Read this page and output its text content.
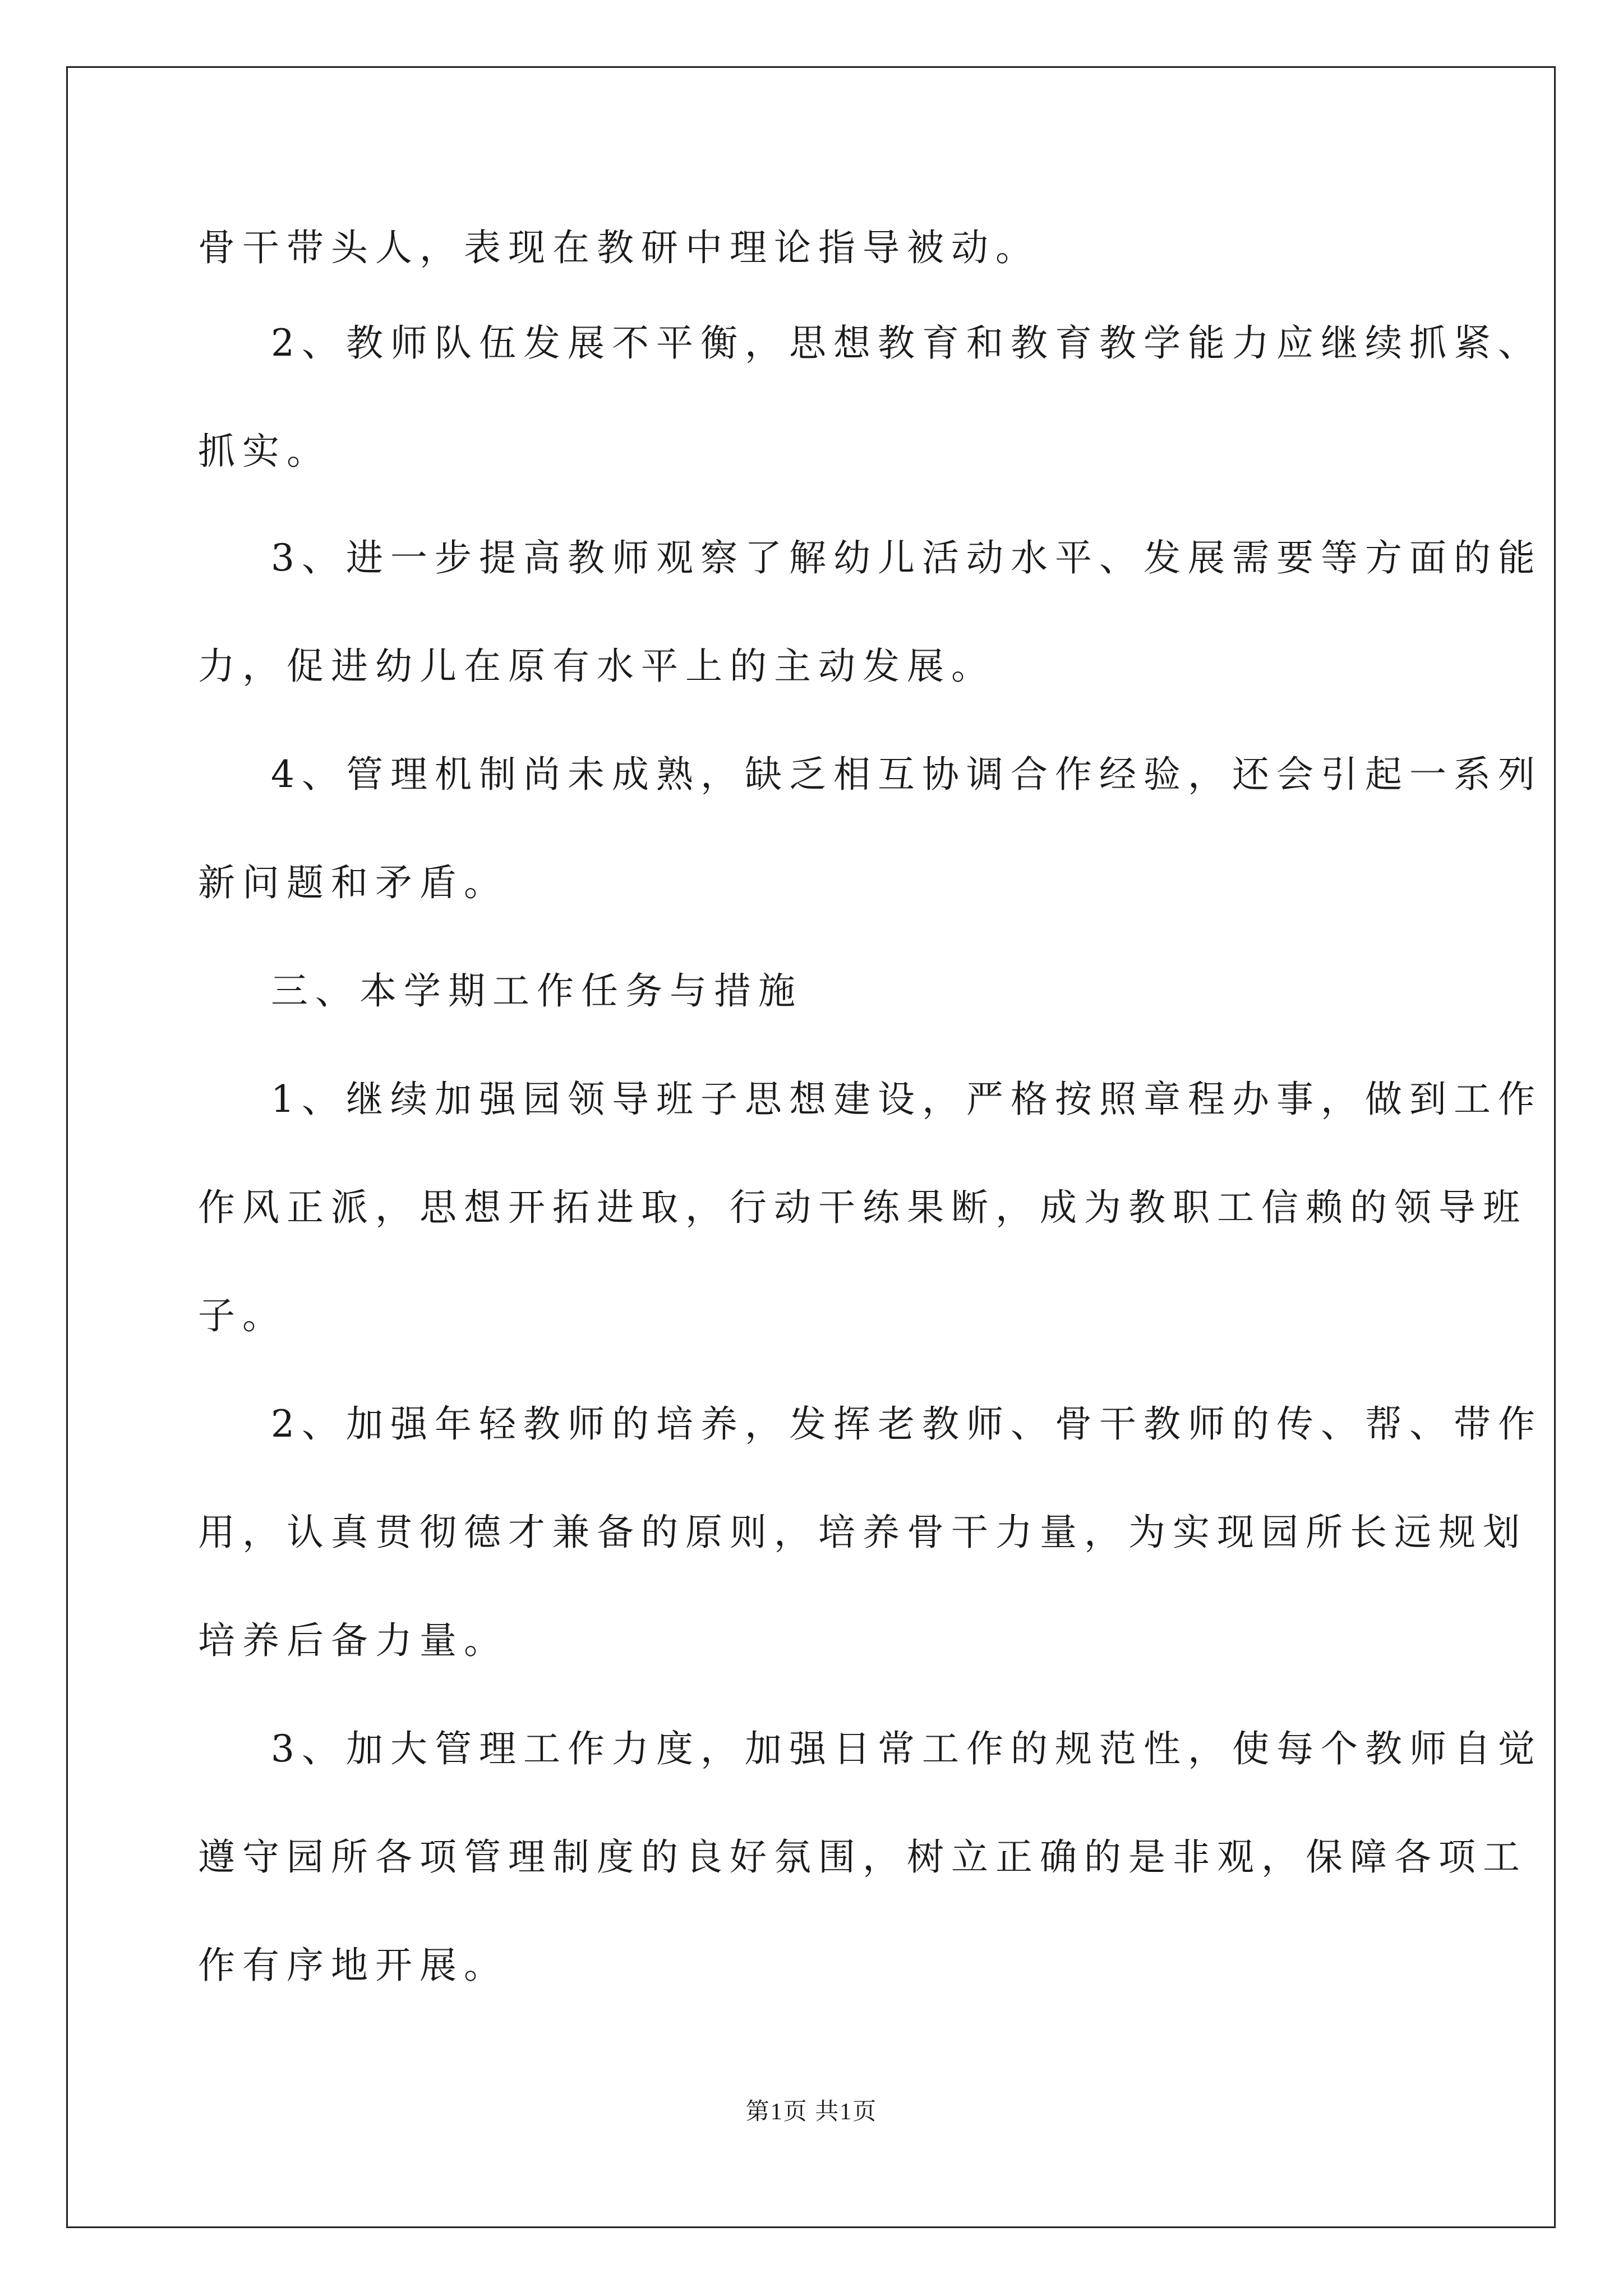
骨干带头人，表现在教研中理论指导被动。
2、教师队伍发展不平衡，思想教育和教育教学能力应继续抓紧、
抓实。
3、进一步提高教师观察了解幼儿活动水平、发展需要等方面的能
力，促进幼儿在原有水平上的主动发展。
4、管理机制尚未成熟，缺乏相互协调合作经验，还会引起一系列
新问题和矛盾。
三、本学期工作任务与措施
1、继续加强园领导班子思想建设，严格按照章程办事，做到工作
作风正派，思想开拓进取，行动干练果断，成为教职工信赖的领导班
子。
2、加强年轻教师的培养，发挥老教师、骨干教师的传、帮、带作
用，认真贯彻德才兼备的原则，培养骨干力量，为实现园所长远规划
培养后备力量。
3、加大管理工作力度，加强日常工作的规范性，使每个教师自觉
遵守园所各项管理制度的良好氛围，树立正确的是非观，保障各项工
作有序地开展。
第1页 共1页
